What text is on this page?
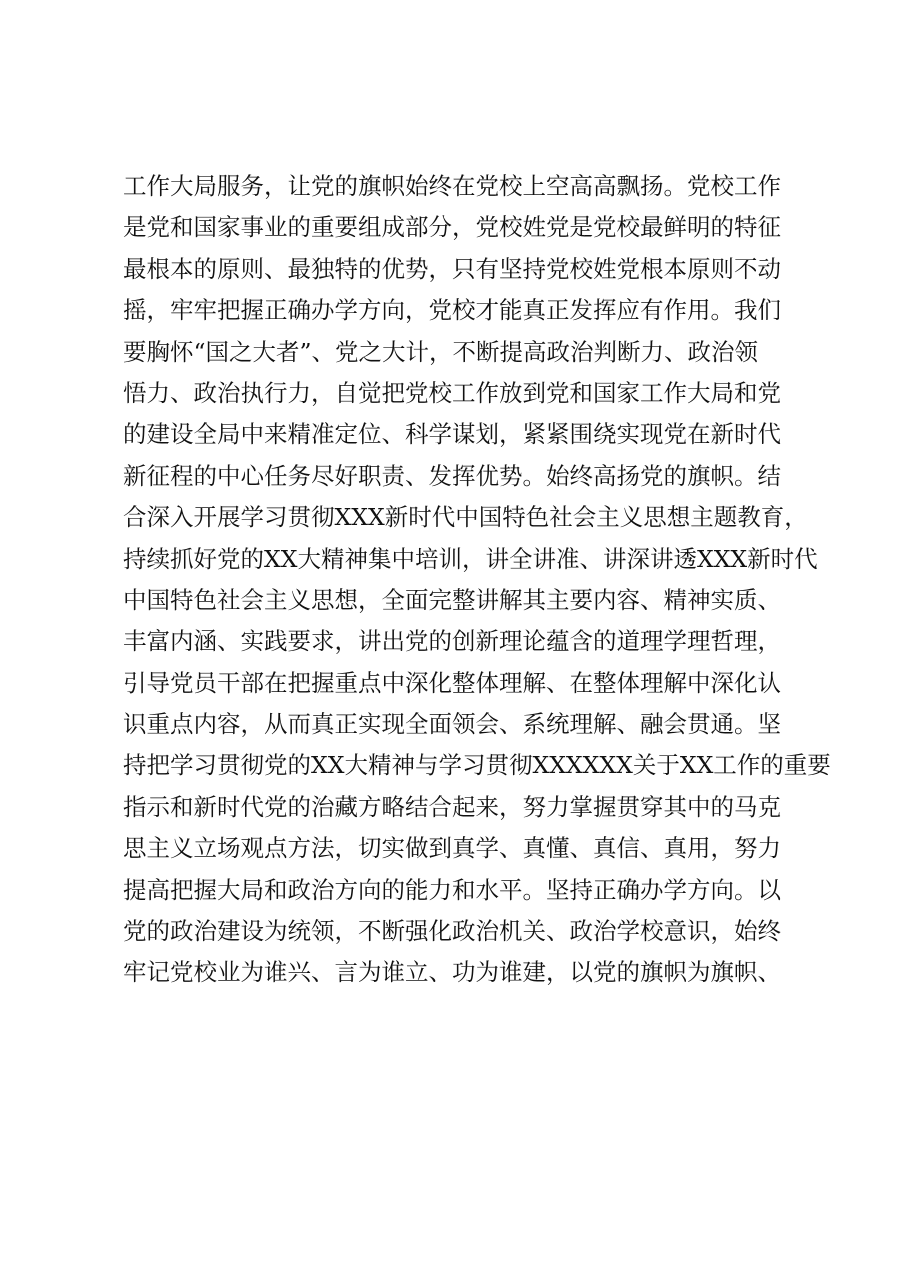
工作大局服务，让党的旗帜始终在党校上空高高飘扬。党校工作
是党和国家事业的重要组成部分，党校姓党是党校最鲜明的特征
最根本的原则、最独特的优势，只有坚持党校姓党根本原则不动
摇，牢牢把握正确办学方向，党校才能真正发挥应有作用。我们
要胸怀“国之大者”、党之大计，不断提高政治判断力、政治领
悟力、政治执行力，自觉把党校工作放到党和国家工作大局和党
的建设全局中来精准定位、科学谋划，紧紧围绕实现党在新时代
新征程的中心任务尽好职责、发挥优势。始终高扬党的旗帜。结
合深入开展学习贯彻XXX新时代中国特色社会主义思想主题教育，
持续抓好党的XX大精神集中培训，讲全讲准、讲深讲透XXX新时代
中国特色社会主义思想，全面完整讲解其主要内容、精神实质、
丰富内涵、实践要求，讲出党的创新理论蕴含的道理学理哲理，
引导党员干部在把握重点中深化整体理解、在整体理解中深化认
识重点内容，从而真正实现全面领会、系统理解、融会贯通。坚
持把学习贯彻党的XX大精神与学习贯彻XXXXXX关于XX工作的重要
指示和新时代党的治藏方略结合起来，努力掌握贯穿其中的马克
思主义立场观点方法，切实做到真学、真懂、真信、真用，努力
提高把握大局和政治方向的能力和水平。坚持正确办学方向。以
党的政治建设为统领，不断强化政治机关、政治学校意识，始终
牢记党校业为谁兴、言为谁立、功为谁建，以党的旗帜为旗帜、
